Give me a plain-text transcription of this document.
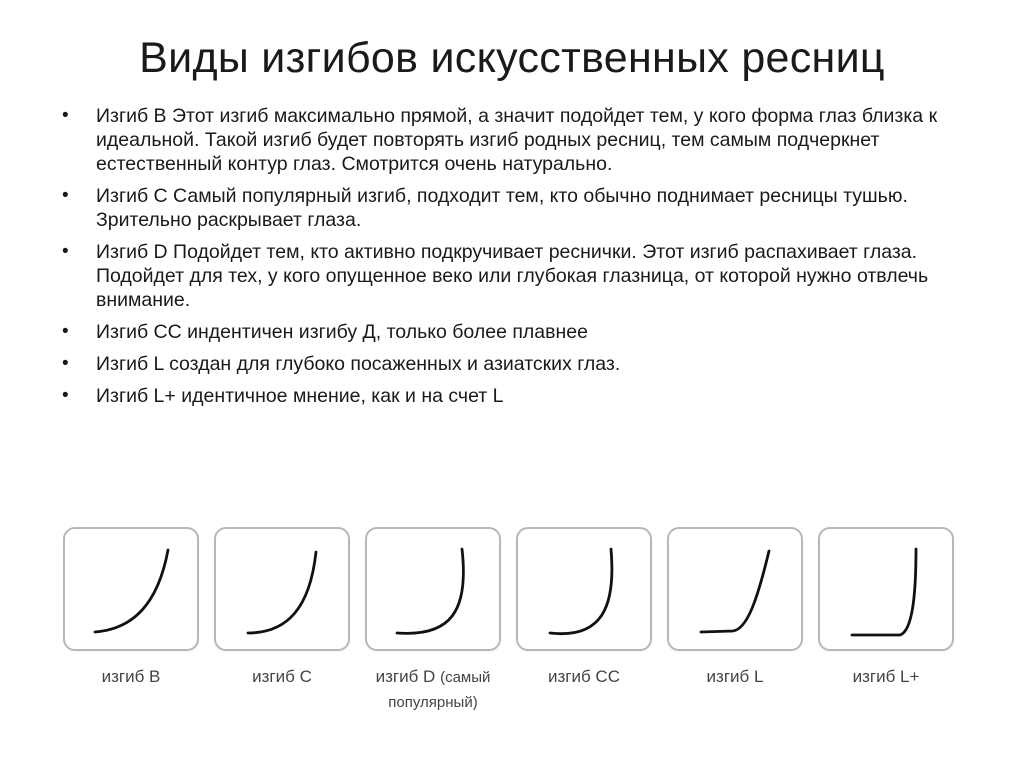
Виды изгибов искусственных ресниц
• Изгиб B Этот изгиб максимально прямой, а значит подойдет тем, у кого форма глаз близка к идеальной. Такой изгиб будет повторять изгиб родных ресниц, тем самым подчеркнет естественный контур глаз. Смотрится очень натурально.
• Изгиб C Самый популярный изгиб, подходит тем, кто обычно поднимает ресницы тушью. Зрительно раскрывает глаза.
• Изгиб D Подойдет тем, кто активно подкручивает реснички. Этот изгиб распахивает глаза. Подойдет для тех, у кого опущенное веко или глубокая глазница, от которой нужно отвлечь внимание.
• Изгиб CC индентичен изгибу Д, только более плавнее
• Изгиб L создан для глубоко посаженных и азиатских глаз.
• Изгиб L+ идентичное мнение, как и на счет L
изгиб B	изгиб C	изгиб D (самый популярный)
изгиб CC	изгиб L	изгиб L+
